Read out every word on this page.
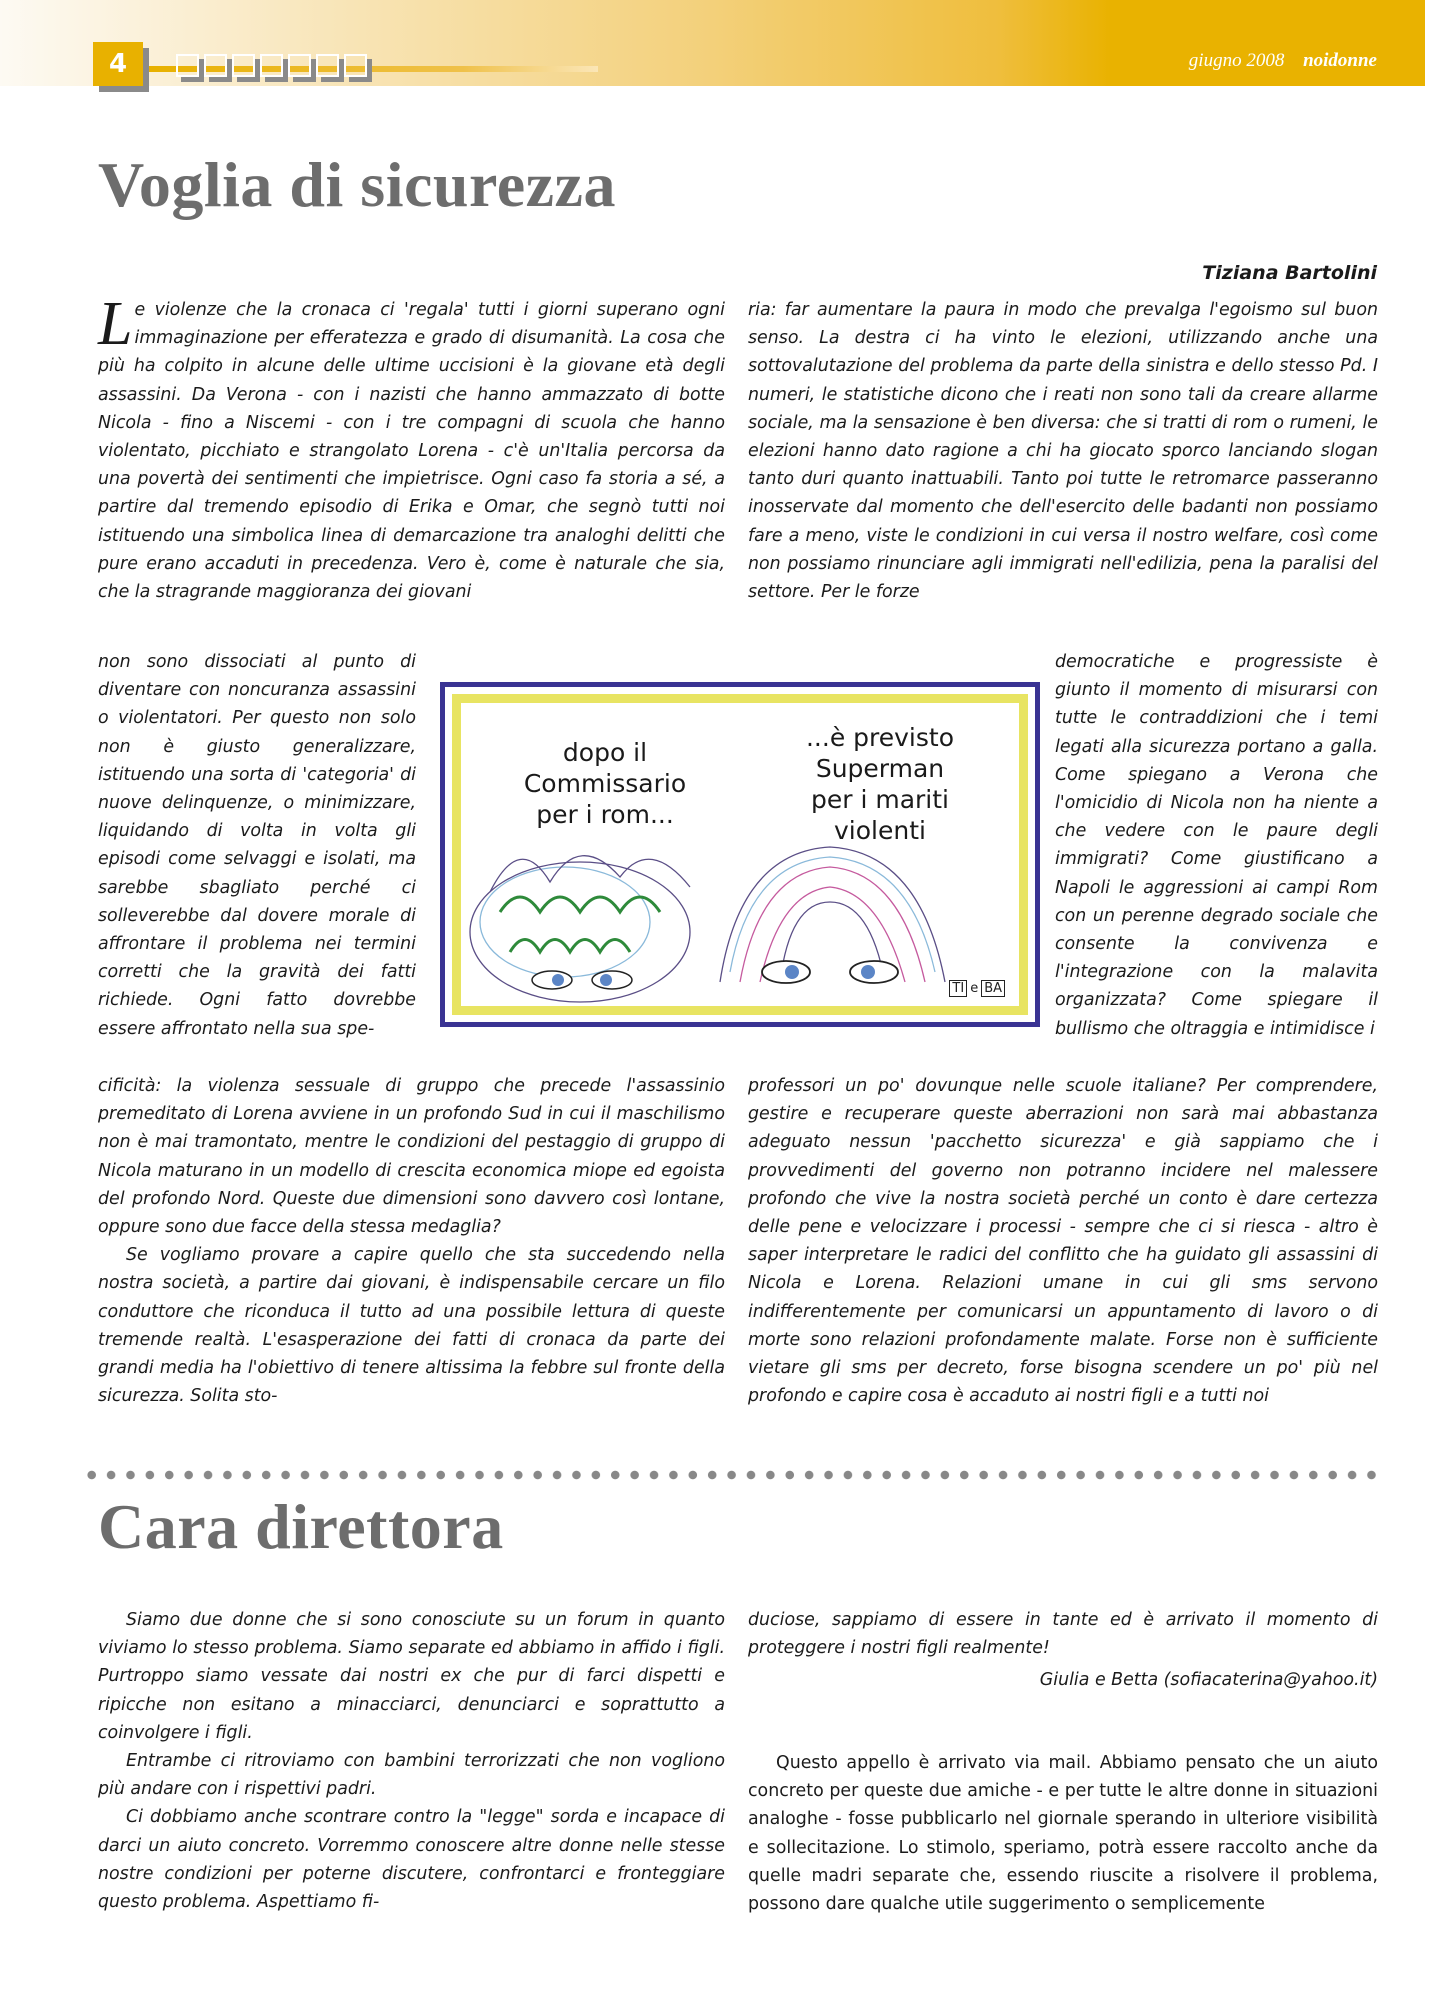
4	giugno 2008 noidonne
Voglia di sicurezza
Tiziana Bartolini

Le violenze che la cronaca ci 'regala' tutti i giorni superano ogni immaginazione per efferatezza e grado di disumanità. La cosa che più ha colpito in alcune delle ultime uccisioni è la giovane età degli assassini. Da Verona - con i nazisti che hanno ammazzato di botte Nicola - fino a Niscemi - con i tre compagni di scuola che hanno violentato, picchiato e strangolato Lorena - c'è un'Italia percorsa da una povertà dei sentimenti che impietrisce. Ogni caso fa storia a sé, a partire dal tremendo episodio di Erika e Omar, che segnò tutti noi istituendo una simbolica linea di demarcazione tra analoghi delitti che pure erano accaduti in precedenza. Vero è, come è naturale che sia, che la stragrande maggioranza dei giovani

non sono dissociati al punto di diventare con noncuranza assassini o violentatori. Per questo non solo non è giusto generalizzare, istituendo una sorta di 'categoria' di nuove delinquenze, o minimizzare, liquidando di volta in volta gli episodi come selvaggi e isolati, ma sarebbe sbagliato perché ci solleverebbe dal dovere morale di affrontare il problema nei termini corretti che la gravità dei fatti richiede. Ogni fatto dovrebbe essere affrontato nella sua spe-

cificità: la violenza sessuale di gruppo che precede l'assassinio premeditato di Lorena avviene in un profondo Sud in cui il maschilismo non è mai tramontato, mentre le condizioni del pestaggio di gruppo di Nicola maturano in un modello di crescita economica miope ed egoista del profondo Nord. Queste due dimensioni sono davvero così lontane, oppure sono due facce della stessa medaglia?

Se vogliamo provare a capire quello che sta succedendo nella nostra società, a partire dai giovani, è indispensabile cercare un filo conduttore che riconduca il tutto ad una possibile lettura di queste tremende realtà. L'esasperazione dei fatti di cronaca da parte dei grandi media ha l'obiettivo di tenere altissima la febbre sul fronte della sicurezza. Solita sto-

ria: far aumentare la paura in modo che prevalga l'egoismo sul buon senso. La destra ci ha vinto le elezioni, utilizzando anche una sottovalutazione del problema da parte della sinistra e dello stesso Pd. I numeri, le statistiche dicono che i reati non sono tali da creare allarme sociale, ma la sensazione è ben diversa: che si tratti di rom o rumeni, le elezioni hanno dato ragione a chi ha giocato sporco lanciando slogan tanto duri quanto inattuabili. Tanto poi tutte le retromarce passeranno inosservate dal momento che dell'esercito delle badanti non possiamo fare a meno, viste le condizioni in cui versa il nostro welfare, così come non possiamo rinunciare agli immigrati nell'edilizia, pena la paralisi del settore. Per le forze

democratiche e progressiste è giunto il momento di misurarsi con tutte le contraddizioni che i temi legati alla sicurezza portano a galla. Come spiegano a Verona che l'omicidio di Nicola non ha niente a che vedere con le paure degli immigrati? Come giustificano a Napoli le aggressioni ai campi Rom con un perenne degrado sociale che consente la convivenza e l'integrazione con la malavita organizzata? Come spiegare il bullismo che oltraggia e intimidisce i

professori un po' dovunque nelle scuole italiane? Per comprendere, gestire e recuperare queste aberrazioni non sarà mai abbastanza adeguato nessun 'pacchetto sicurezza' e già sappiamo che i provvedimenti del governo non potranno incidere nel malessere profondo che vive la nostra società perché un conto è dare certezza delle pene e velocizzare i processi - sempre che ci si riesca - altro è saper interpretare le radici del conflitto che ha guidato gli assassini di Nicola e Lorena. Relazioni umane in cui gli sms servono indifferentemente per comunicarsi un appuntamento di lavoro o di morte sono relazioni profondamente malate. Forse non è sufficiente vietare gli sms per decreto, forse bisogna scendere un po' più nel profondo e capire cosa è accaduto ai nostri figli e a tutti noi

dopo il
Commissario
per i rom...
...è previsto
Superman
per i mariti
violenti
TI e BA
Cara direttora

Siamo due donne che si sono conosciute su un forum in quanto viviamo lo stesso problema. Siamo separate ed abbiamo in affido i figli. Purtroppo siamo vessate dai nostri ex che pur di farci dispetti e ripicche non esitano a minacciarci, denunciarci e soprattutto a coinvolgere i figli.

Entrambe ci ritroviamo con bambini terrorizzati che non vogliono più andare con i rispettivi padri.

Ci dobbiamo anche scontrare contro la "legge" sorda e incapace di darci un aiuto concreto. Vorremmo conoscere altre donne nelle stesse nostre condizioni per poterne discutere, confrontarci e fronteggiare questo problema. Aspettiamo fi-

duciose, sappiamo di essere in tante ed è arrivato il momento di proteggere i nostri figli realmente!

Giulia e Betta (sofiacaterina@yahoo.it)

Questo appello è arrivato via mail. Abbiamo pensato che un aiuto concreto per queste due amiche - e per tutte le altre donne in situazioni analoghe - fosse pubblicarlo nel giornale sperando in ulteriore visibilità e sollecitazione. Lo stimolo, speriamo, potrà essere raccolto anche da quelle madri separate che, essendo riuscite a risolvere il problema, possono dare qualche utile suggerimento o semplicemente
